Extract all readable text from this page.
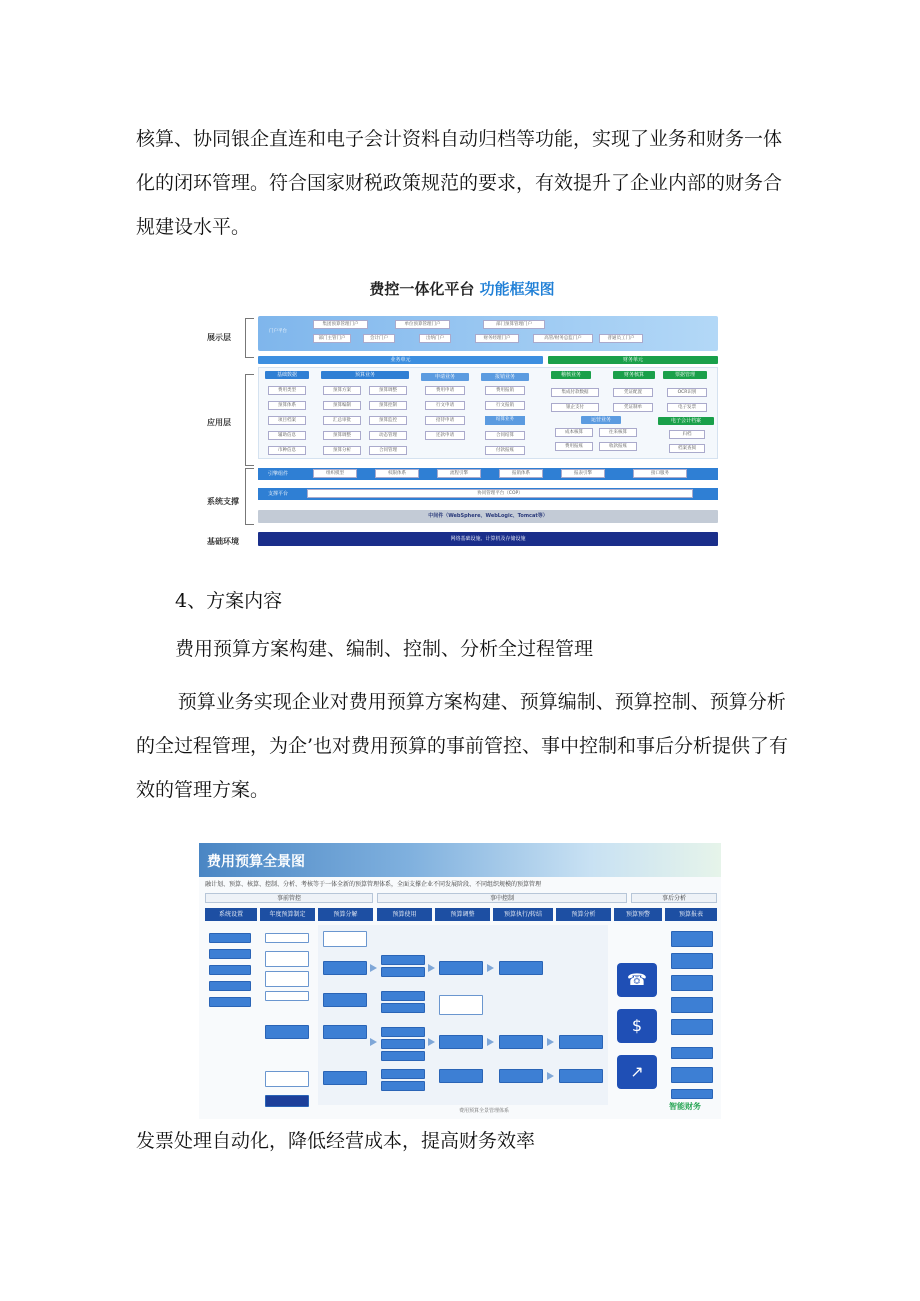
核算、协同银企直连和电子会计资料自动归档等功能，实现了业务和财务一体化的闭环管理。符合国家财税政策规范的要求，有效提升了企业内部的财务合规建设水平。

费控一体化平台 功能框架图
展示层
应用层
系统支撑
基础环境
门户平台
集团预算管理门户	单位预算管理门户	部门预算管理门户
部门主管门户	会计门户	出纳门户	财务经理门户	高管/财务总监门户	普通员工门户
业务单元	财务单元
基础数据	预算业务	申请业务	报销业务	稽核业务	财务核算	票据管理
费用类型
预算体系
项目档案
辅助信息
币种信息
预算方案
预算编制
汇总审批
预算调整
预算分析
预算调整
预算控制
预算监控
动态管理
合同管理
费用申请
行文申请
招待申请
还款申请
费用报销
行文报销
结算业务
合同结算
付款报账
集成付款数据
银企支付
凭证配置
凭证制单
OCR识别
电子发票
运营业务
成本核算	往来核算
费用报账	收款报账
电子会计档案
归档
档案查阅
引擎组件	组织模型	权限体系	流程引擎	报销体系	报表引擎	接口服务
支撑平台	协同管理平台（COP）
中间件（WebSphere、WebLogic、Tomcat等）
网络基础设施、计算机及存储设施

4、方案内容

费用预算方案构建、编制、控制、分析全过程管理

预算业务实现企业对费用预算方案构建、预算编制、预算控制、预算分析的全过程管理，为企’也对费用预算的事前管控、事中控制和事后分析提供了有效的管理方案。

费用预算全景图
融计划、预算、核算、控制、分析、考核等于一体全新的预算管理体系，全面支撑企业不同发展阶段、不同组织规模的预算管理
事前管控	事中控制	事后分析
系统设置	年度预算制定	预算分解	预算使用	预算调整	预算执行/转结	预算分析	预算预警	预算报表
☎
$
↗
费用预算全景管理体系	智能财务

发票处理自动化，降低经营成本，提高财务效率
